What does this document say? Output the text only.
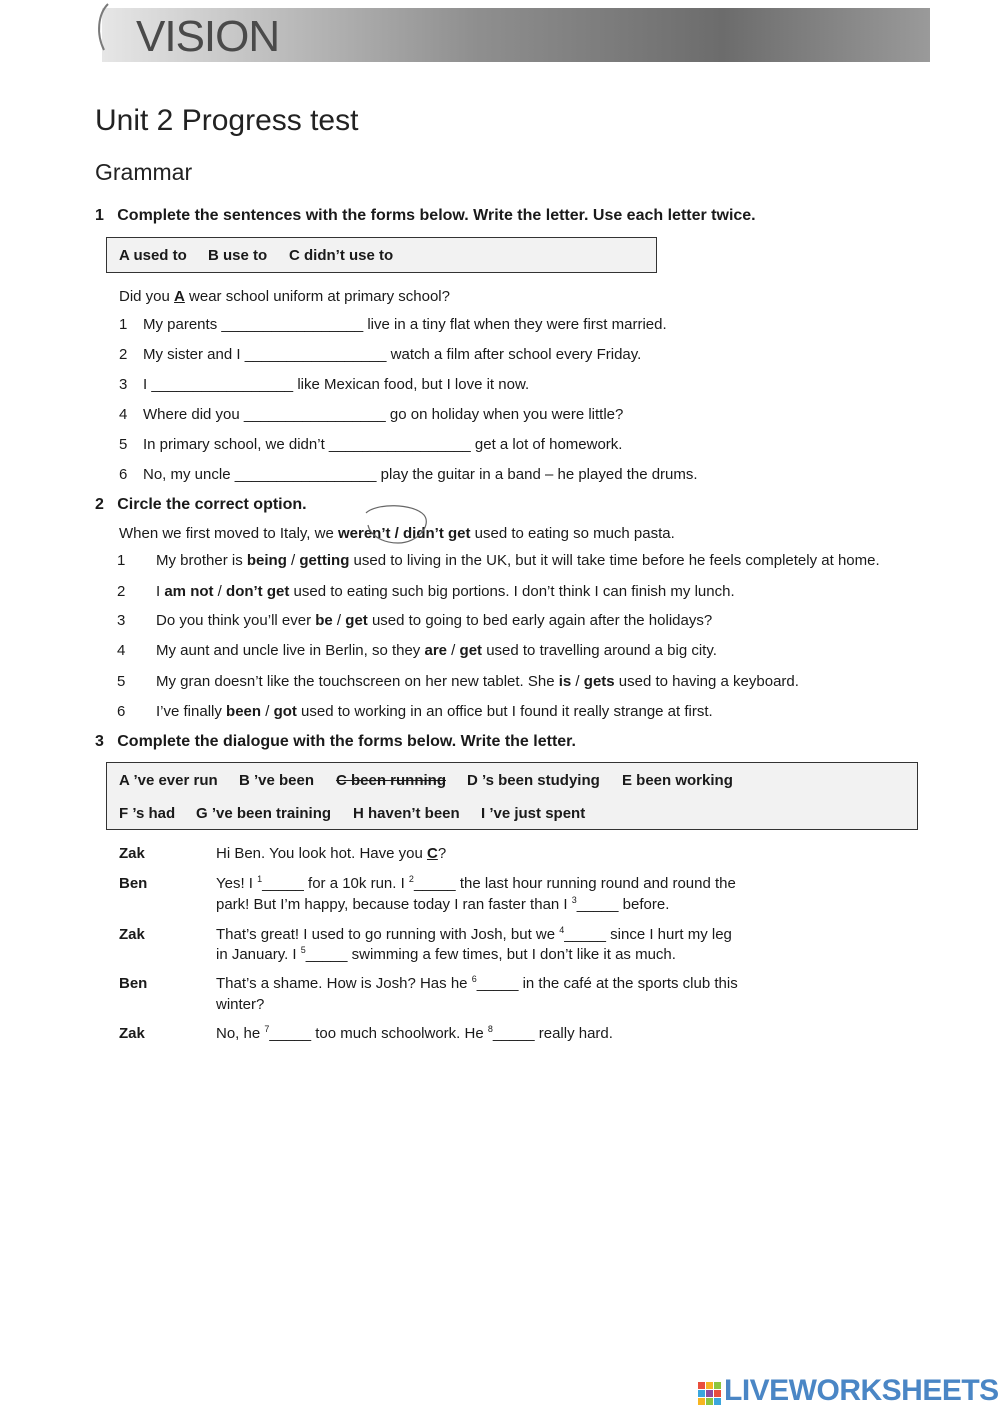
VISION
Unit 2 Progress test
Grammar
1   Complete the sentences with the forms below. Write the letter. Use each letter twice.
A used to B use to C didn’t use to
Did you A wear school uniform at primary school?
1 My parents _________________ live in a tiny flat when they were first married.
2 My sister and I _________________ watch a film after school every Friday.
3 I _________________ like Mexican food, but I love it now.
4 Where did you _________________ go on holiday when you were little?
5 In primary school, we didn’t _________________ get a lot of homework.
6 No, my uncle _________________ play the guitar in a band – he played the drums.
2   Circle the correct option.
When we first moved to Italy, we weren’t / didn’t get used to eating so much pasta.
1 My brother is being / getting used to living in the UK, but it will take time before he feels completely at home.
2 I am not / don’t get used to eating such big portions. I don’t think I can finish my lunch.
3 Do you think you’ll ever be / get used to going to bed early again after the holidays?
4 My aunt and uncle live in Berlin, so they are / get used to travelling around a big city.
5 My gran doesn’t like the touchscreen on her new tablet. She is / gets used to having a keyboard.
6 I’ve finally been / got used to working in an office but I found it really strange at first.
3   Complete the dialogue with the forms below. Write the letter.
A ’ve ever run B ’ve been C been running D ’s been studying E been working
F ’s had G ’ve been training H haven’t been I ’ve just spent
Zak	Hi Ben. You look hot. Have you C?
Ben	Yes! I $^1$_____ for a 10k run. I $^2$_____ the last hour running round and round the
park! But I’m happy, because today I ran faster than I $^3$_____ before.
Zak	That’s great! I used to go running with Josh, but we $^4$_____ since I hurt my leg
in January. I $^5$_____ swimming a few times, but I don’t like it as much.
Ben	That’s a shame. How is Josh? Has he $^6$_____ in the café at the sports club this
winter?
Zak	No, he $^7$_____ too much schoolwork. He $^8$_____ really hard.
LIVEWORKSHEETS
